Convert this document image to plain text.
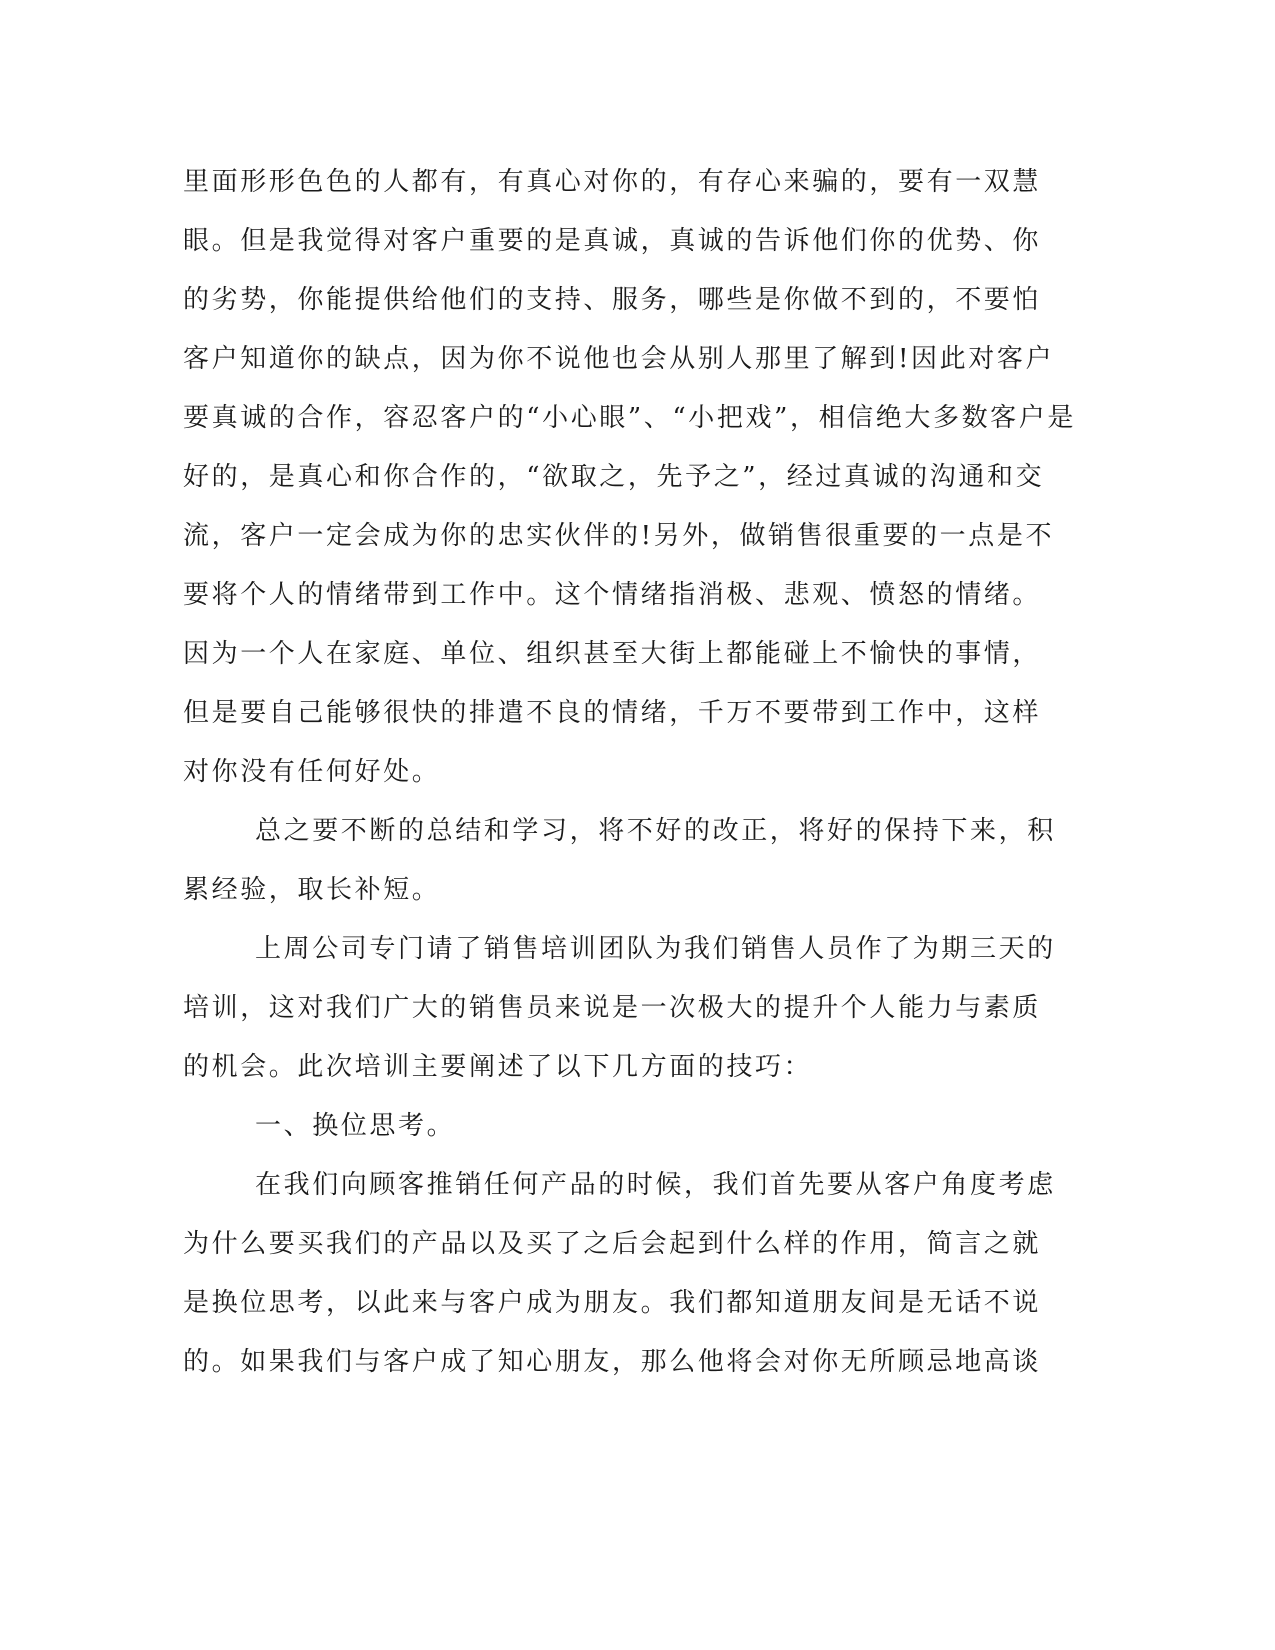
里面形形色色的人都有，有真心对你的，有存心来骗的，要有一双慧
眼。但是我觉得对客户重要的是真诚，真诚的告诉他们你的优势、你
的劣势，你能提供给他们的支持、服务，哪些是你做不到的，不要怕
客户知道你的缺点，因为你不说他也会从别人那里了解到!因此对客户
要真诚的合作，容忍客户的“小心眼”、“小把戏”，相信绝大多数客户是
好的，是真心和你合作的，“欲取之，先予之”，经过真诚的沟通和交
流，客户一定会成为你的忠实伙伴的!另外，做销售很重要的一点是不
要将个人的情绪带到工作中。这个情绪指消极、悲观、愤怒的情绪。
因为一个人在家庭、单位、组织甚至大街上都能碰上不愉快的事情，
但是要自己能够很快的排遣不良的情绪，千万不要带到工作中，这样
对你没有任何好处。
总之要不断的总结和学习，将不好的改正，将好的保持下来，积
累经验，取长补短。
上周公司专门请了销售培训团队为我们销售人员作了为期三天的
培训，这对我们广大的销售员来说是一次极大的提升个人能力与素质
的机会。此次培训主要阐述了以下几方面的技巧：
一、换位思考。
在我们向顾客推销任何产品的时候，我们首先要从客户角度考虑
为什么要买我们的产品以及买了之后会起到什么样的作用，简言之就
是换位思考，以此来与客户成为朋友。我们都知道朋友间是无话不说
的。如果我们与客户成了知心朋友，那么他将会对你无所顾忌地高谈
